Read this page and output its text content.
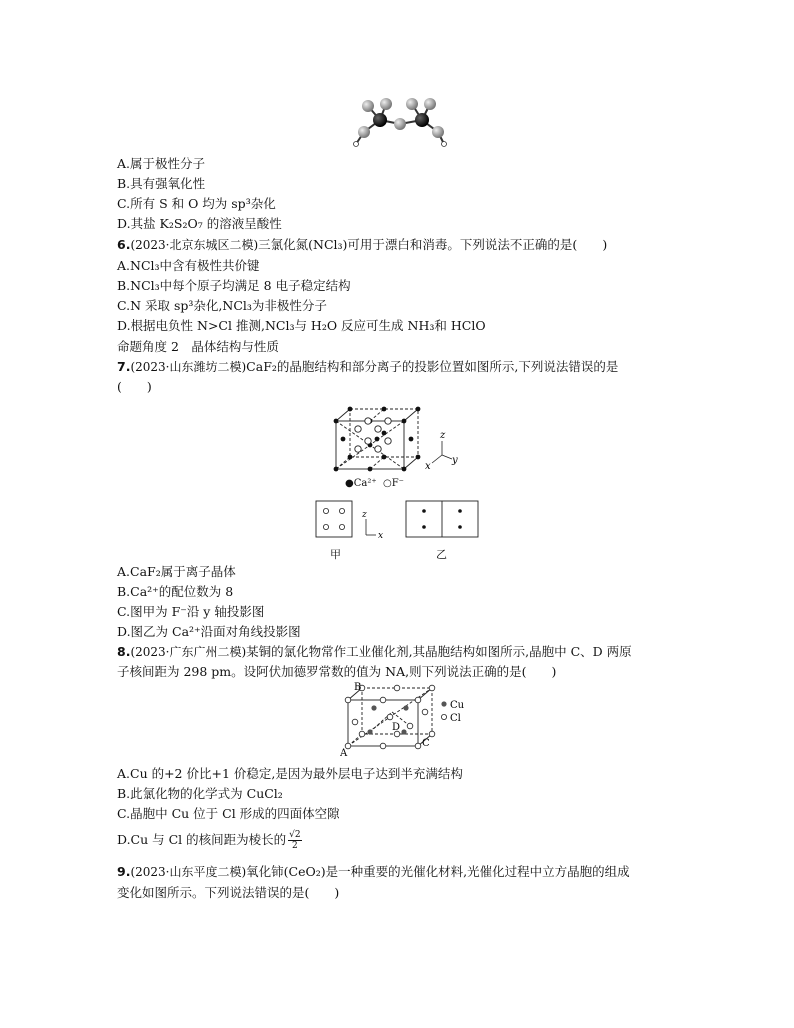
A.属于极性分子
B.具有强氧化性
C.所有 S 和 O 均为 sp³杂化
D.其盐 K₂S₂O₇ 的溶液呈酸性
6.(2023·北京东城区二模)三氯化氮(NCl₃)可用于漂白和消毒。下列说法不正确的是(　　)
A.NCl₃中含有极性共价键
B.NCl₃中每个原子均满足 8 电子稳定结构
C.N 采取 sp³杂化,NCl₃为非极性分子
D.根据电负性 N>Cl 推测,NCl₃与 H₂O 反应可生成 NH₃和 HClO
命题角度 2　晶体结构与性质
7.(2023·山东潍坊二模)CaF₂的晶胞结构和部分离子的投影位置如图所示,下列说法错误的是
(　　)
z
x
y
●Ca²⁺ ○F⁻
z
x
甲	乙
A.CaF₂属于离子晶体
B.Ca²⁺的配位数为 8
C.图甲为 F⁻沿 y 轴投影图
D.图乙为 Ca²⁺沿面对角线投影图
8.(2023·广东广州二模)某铜的氯化物常作工业催化剂,其晶胞结构如图所示,晶胞中 C、D 两原
子核间距为 298 pm。设阿伏加德罗常数的值为 NA,则下列说法正确的是(　　)
B
A
C
D
Cu
Cl
A.Cu 的+2 价比+1 价稳定,是因为最外层电子达到半充满结构
B.此氯化物的化学式为 CuCl₂
C.晶胞中 Cu 位于 Cl 形成的四面体空隙
D.Cu 与 Cl 的核间距为棱长的 $\frac{√2}{2}$
9.(2023·山东平度二模)氧化铈(CeO₂)是一种重要的光催化材料,光催化过程中立方晶胞的组成
变化如图所示。下列说法错误的是(　　)
